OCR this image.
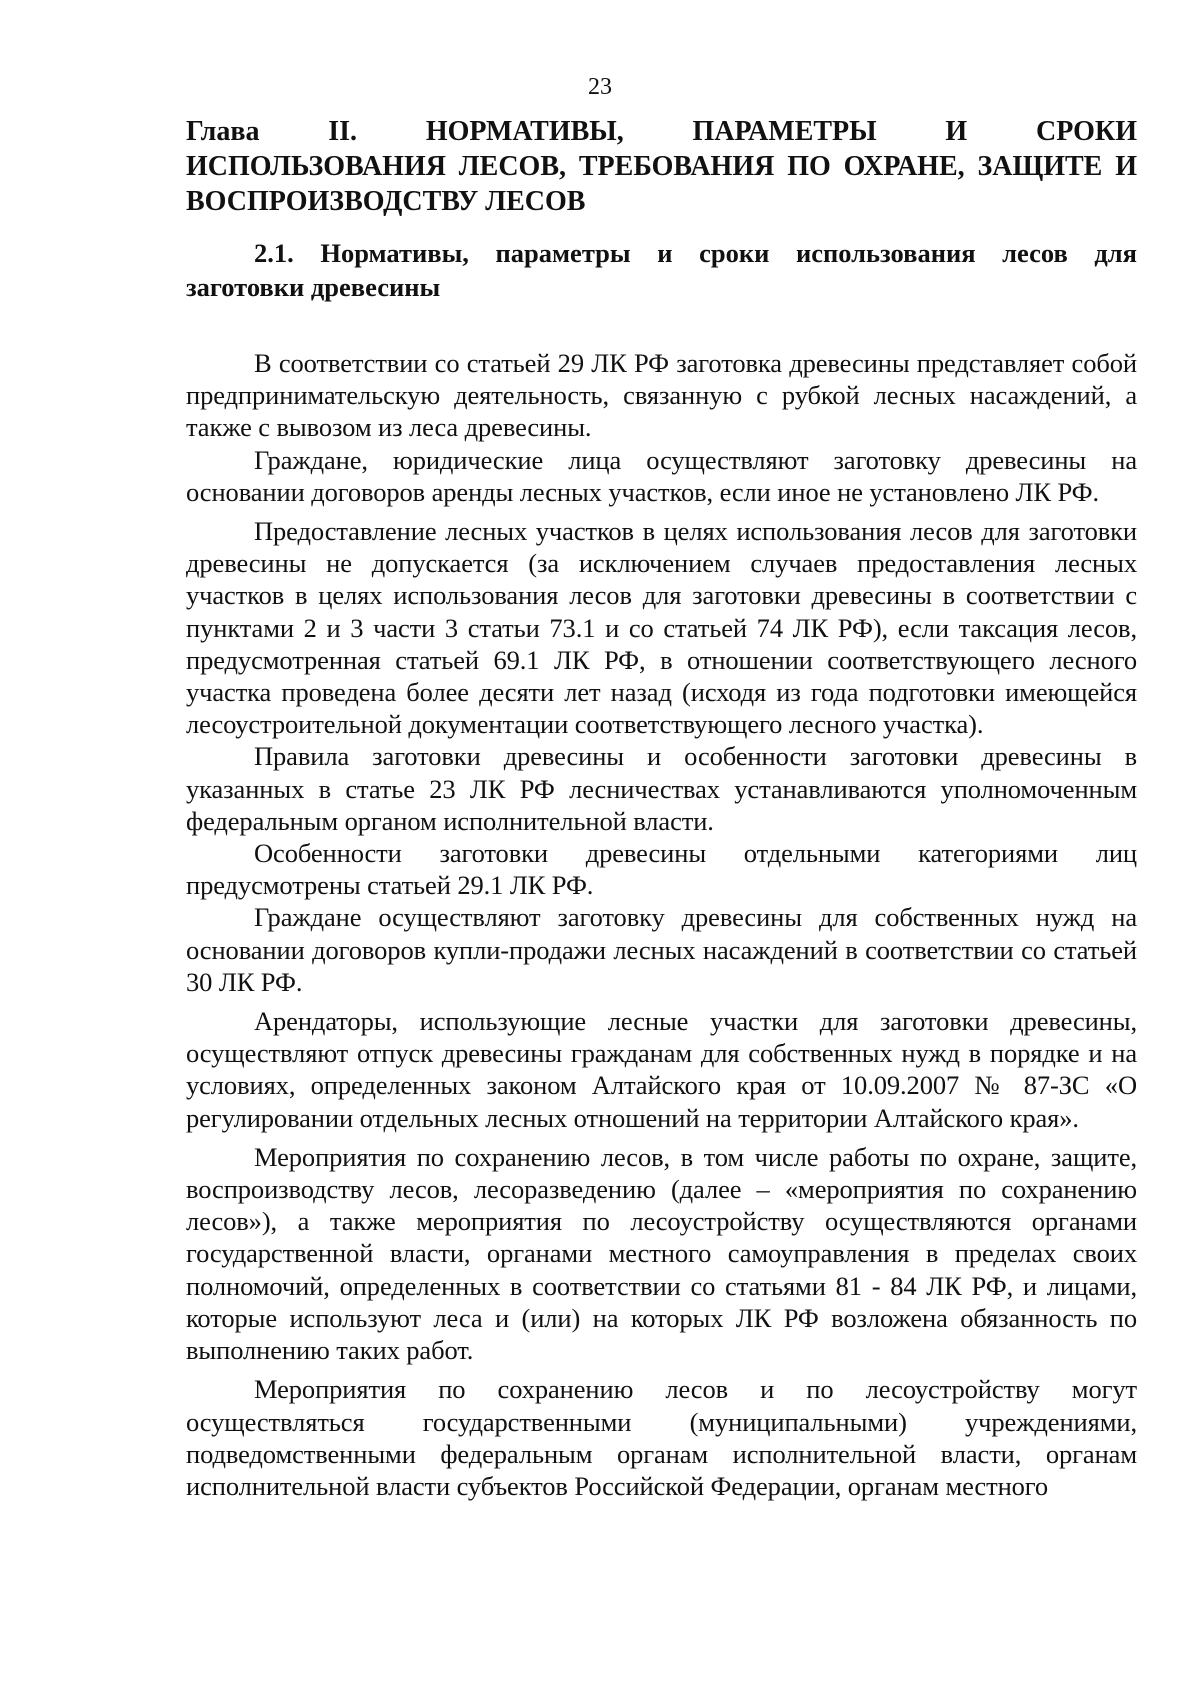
23
Глава II. НОРМАТИВЫ, ПАРАМЕТРЫ И СРОКИ
ИСПОЛЬЗОВАНИЯ ЛЕСОВ, ТРЕБОВАНИЯ ПО ОХРАНЕ, ЗАЩИТЕ И ВОСПРОИЗВОДСТВУ ЛЕСОВ
2.1. Нормативы, параметры и сроки использования лесов для
заготовки древесины

В соответствии со статьей 29 ЛК РФ заготовка древесины представляет собой предпринимательскую деятельность, связанную с рубкой лесных насаждений, а также с вывозом из леса древесины.

Граждане, юридические лица осуществляют заготовку древесины на основании договоров аренды лесных участков, если иное не установлено ЛК РФ.

Предоставление лесных участков в целях использования лесов для заготовки древесины не допускается (за исключением случаев предоставления лесных участков в целях использования лесов для заготовки древесины в соответствии с пунктами 2 и 3 части 3 статьи 73.1 и со статьей 74 ЛК РФ), если таксация лесов, предусмотренная статьей 69.1 ЛК РФ, в отношении соответствующего лесного участка проведена более десяти лет назад (исходя из года подготовки имеющейся лесоустроительной документации соответствующего лесного участка).

Правила заготовки древесины и особенности заготовки древесины в указанных в статье 23 ЛК РФ лесничествах устанавливаются уполномоченным федеральным органом исполнительной власти.

Особенности заготовки древесины отдельными категориями лиц предусмотрены статьей 29.1 ЛК РФ.

Граждане осуществляют заготовку древесины для собственных нужд на основании договоров купли-продажи лесных насаждений в соответствии со статьей 30 ЛК РФ.

Арендаторы, использующие лесные участки для заготовки древесины, осуществляют отпуск древесины гражданам для собственных нужд в порядке и на условиях, определенных законом Алтайского края от 10.09.2007 № 87-ЗС «О регулировании отдельных лесных отношений на территории Алтайского края».

Мероприятия по сохранению лесов, в том числе работы по охране, защите, воспроизводству лесов, лесоразведению (далее – «мероприятия по сохранению лесов»), а также мероприятия по лесоустройству осуществляются органами государственной власти, органами местного самоуправления в пределах своих полномочий, определенных в соответствии со статьями 81 - 84 ЛК РФ, и лицами, которые используют леса и (или) на которых ЛК РФ возложена обязанность по выполнению таких работ.

Мероприятия по сохранению лесов и по лесоустройству могут осуществляться государственными (муниципальными) учреждениями, подведомственными федеральным органам исполнительной власти, органам исполнительной власти субъектов Российской Федерации, органам местного
